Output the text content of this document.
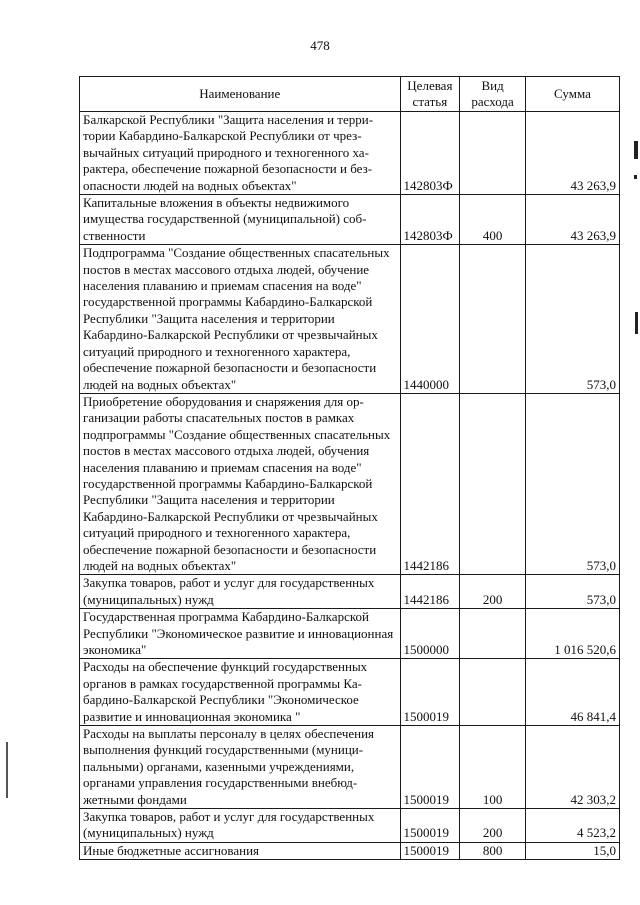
478
Наименование	Целевая статья	Вид расхода	Сумма
Балкарской Республики "Защита населения и территории Кабардино-Балкарской Республики от чрезвычайных ситуаций природного и техногенного характера, обеспечение пожарной безопасности и безопасности людей на водных объектах"	142803Ф		43 263,9
Капитальные вложения в объекты недвижимого имущества государственной (муниципальной) собственности	142803Ф	400	43 263,9
Подпрограмма "Создание общественных спасательных постов в местах массового отдыха людей, обучение населения плаванию и приемам спасения на воде" государственной программы Кабардино-Балкарской Республики "Защита населения и территории Кабардино-Балкарской Республики от чрезвычайных ситуаций природного и техногенного характера, обеспечение пожарной безопасности и безопасности людей на водных объектах"	1440000		573,0
Приобретение оборудования и снаряжения для организации работы спасательных постов в рамках подпрограммы "Создание общественных спасательных постов в местах массового отдыха людей, обучения населения плаванию и приемам спасения на воде" государственной программы Кабардино-Балкарской Республики "Защита населения и территории Кабардино-Балкарской Республики от чрезвычайных ситуаций природного и техногенного характера, обеспечение пожарной безопасности и безопасности людей на водных объектах"	1442186		573,0
Закупка товаров, работ и услуг для государственных (муниципальных) нужд	1442186	200	573,0
Государственная программа Кабардино-Балкарской Республики "Экономическое развитие и инновационная экономика"	1500000		1 016 520,6
Расходы на обеспечение функций государственных органов в рамках государственной программы Кабардино-Балкарской Республики "Экономическое развитие и инновационная экономика "	1500019		46 841,4
Расходы на выплаты персоналу в целях обеспечения выполнения функций государственными (муниципальными) органами, казенными учреждениями, органами управления государственными внебюджетными фондами	1500019	100	42 303,2
Закупка товаров, работ и услуг для государственных (муниципальных) нужд	1500019	200	4 523,2
Иные бюджетные ассигнования	1500019	800	15,0
